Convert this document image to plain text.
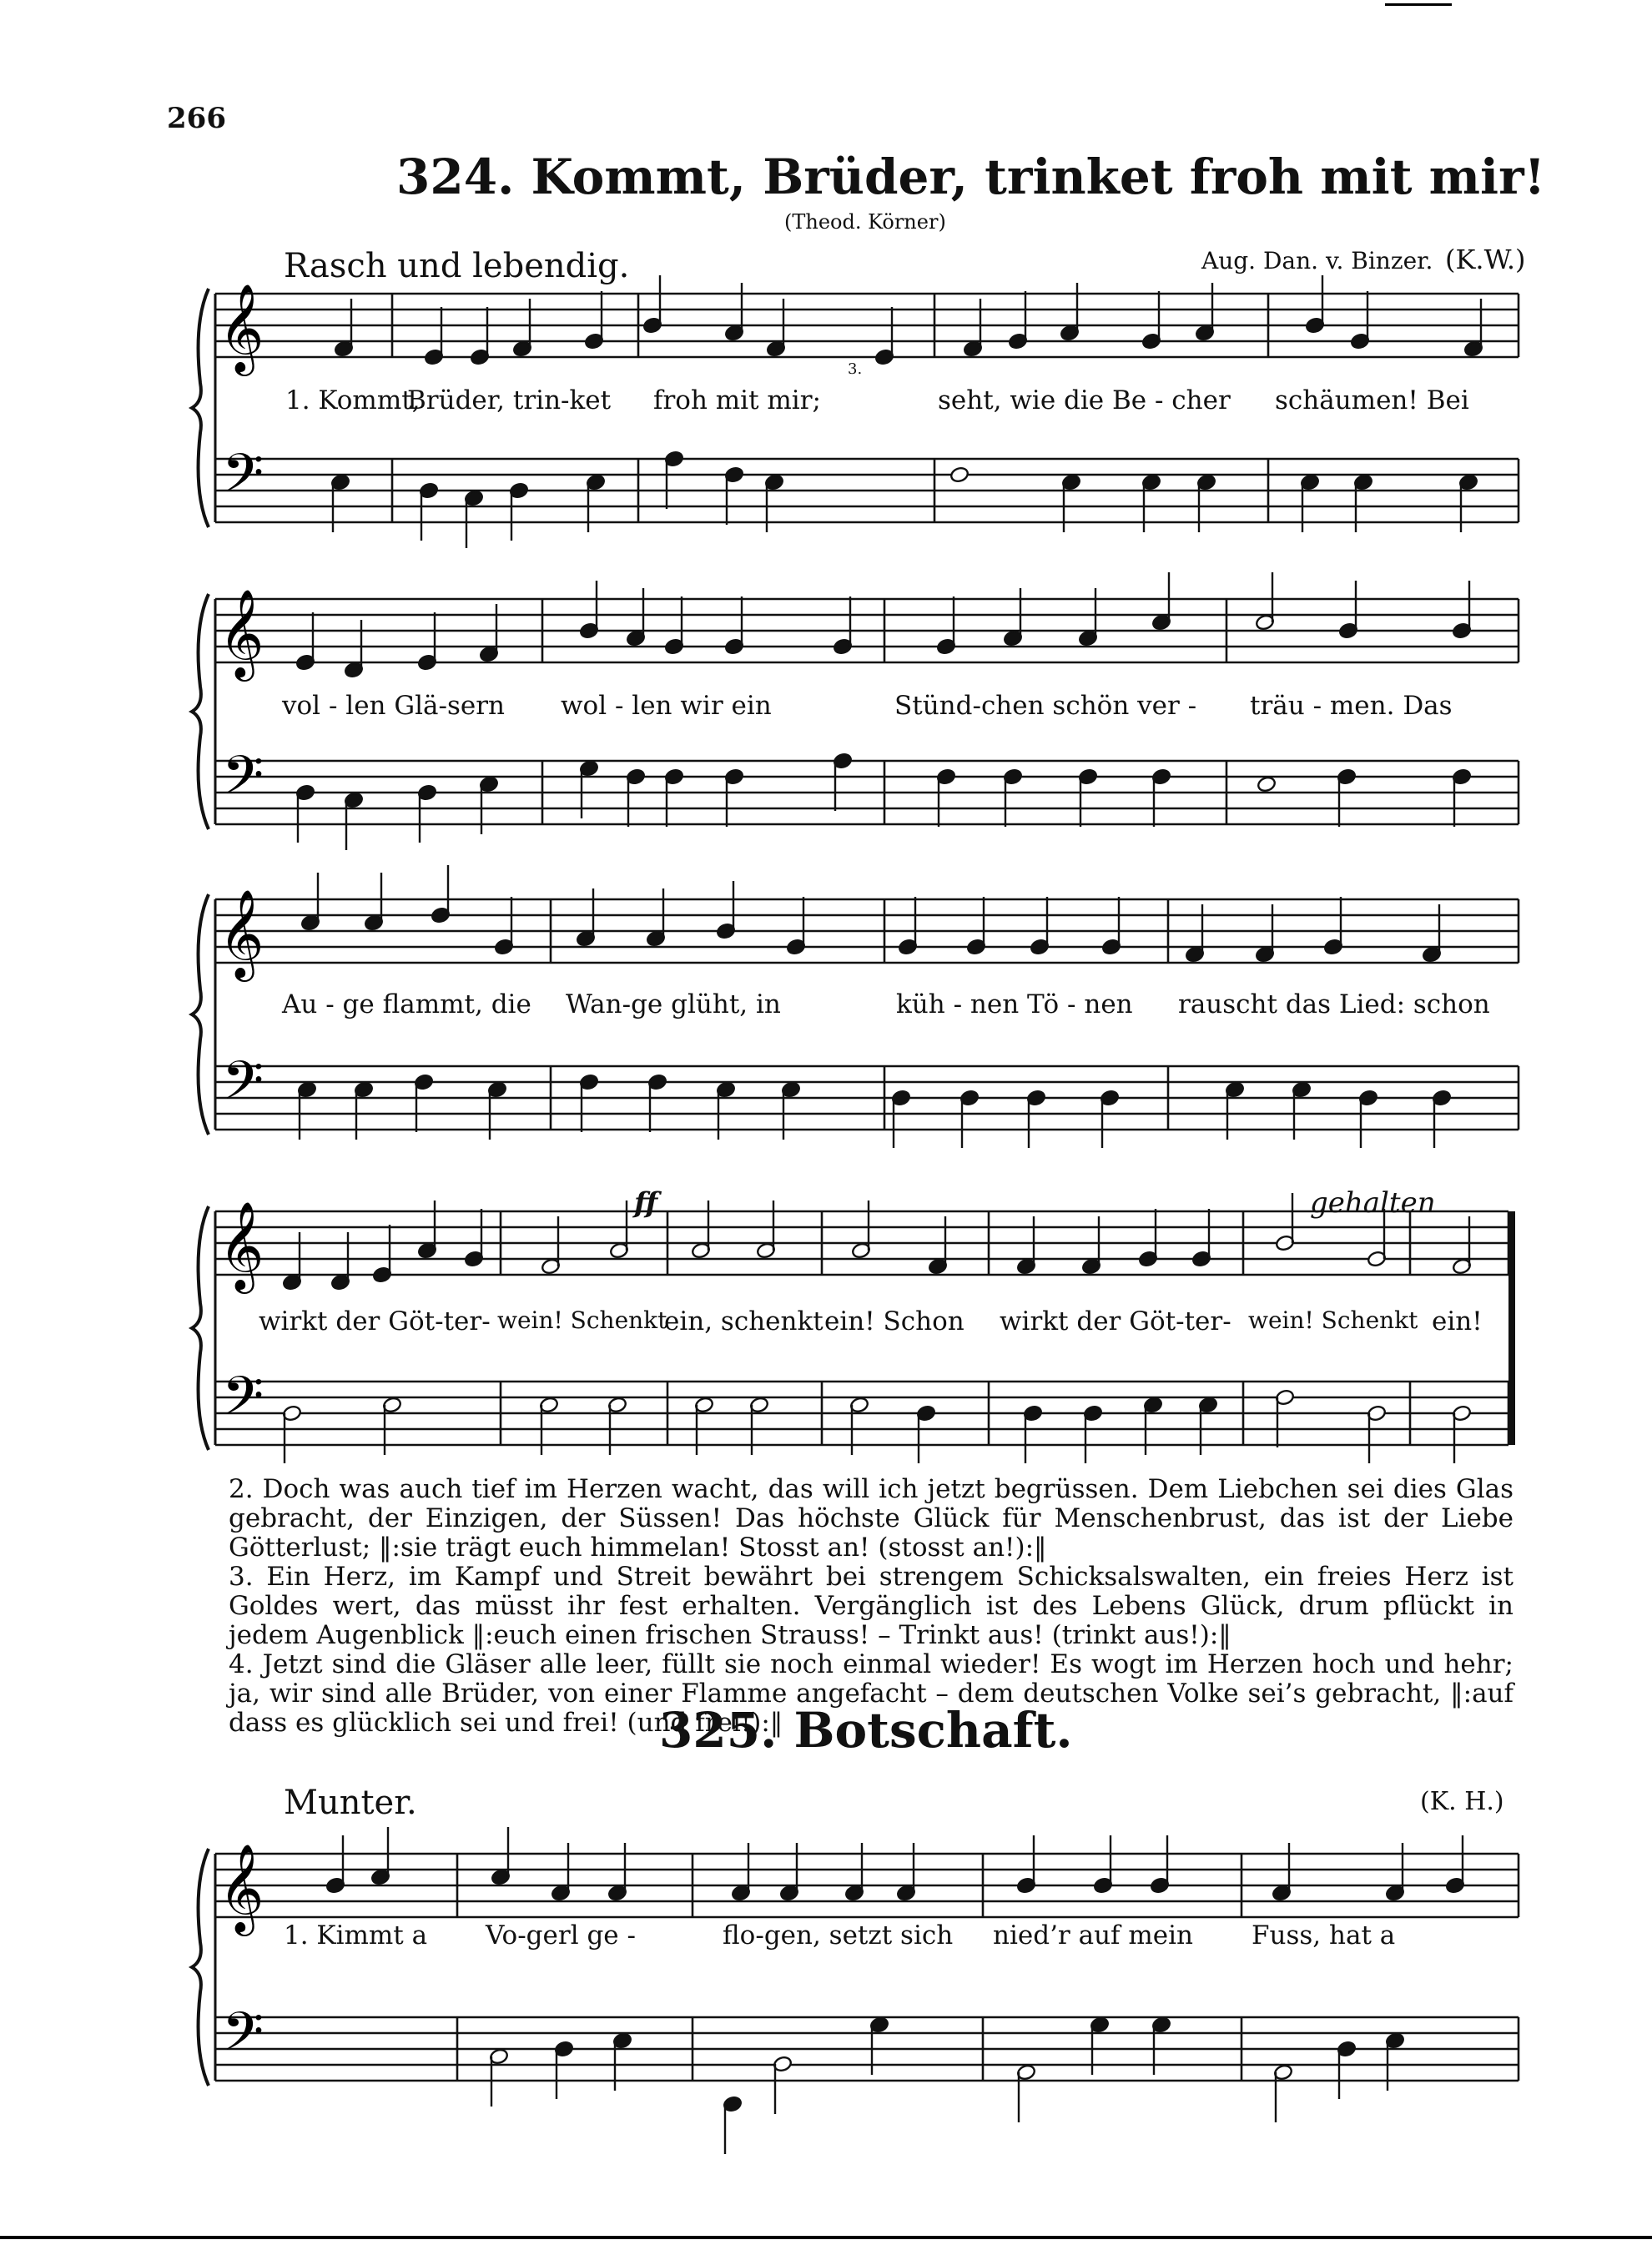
266
324. Kommt, Brüder, trinket froh mit mir!
(Theod. Körner)
Rasch und lebendig.	Aug. Dan. v. Binzer. (K.W.)
𝄞
𝄢
𝄞
𝄢
𝄞
𝄢
𝄞
𝄢
𝄞
𝄢
1. Kommt,
Brüder, trin-ket froh mit mir;	seht, wie die Be - cher schäumen! Bei
vol - len Glä-sern wol - len wir ein	Stünd-chen schön ver - träu - men. Das
Au - ge flammt, die Wan-ge glüht, in	küh - nen Tö - nen rauscht das Lied: schon
wirkt der Göt-ter- wein! Schenkt
ein, schenkt ein! Schon wirkt der Göt-ter- wein! Schenkt ein!
ff	gehalten
3.

2. Doch was auch tief im Herzen wacht, das will ich jetzt begrüssen. Dem Liebchen sei dies Glas gebracht, der Einzigen, der Süssen! Das höchste Glück für Menschenbrust, das ist der Liebe Götterlust; ‖:sie trägt euch himmelan! Stosst an! (stosst an!):‖

3. Ein Herz, im Kampf und Streit bewährt bei strengem Schicksalswalten, ein freies Herz ist Goldes wert, das müsst ihr fest erhalten. Vergänglich ist des Lebens Glück, drum pflückt in jedem Augenblick ‖:euch einen frischen Strauss! – Trinkt aus! (trinkt aus!):‖

4. Jetzt sind die Gläser alle leer, füllt sie noch einmal wieder! Es wogt im Herzen hoch und hehr; ja, wir sind alle Brüder, von einer Flamme angefacht – dem deutschen Volke sei’s gebracht, ‖:auf dass es glücklich sei und frei! (und frei!):‖

325. Botschaft.
Munter.	(K. H.)
1. Kimmt a Vo-gerl ge -	flo-gen, setzt sich nied’r auf mein Fuss, hat a
